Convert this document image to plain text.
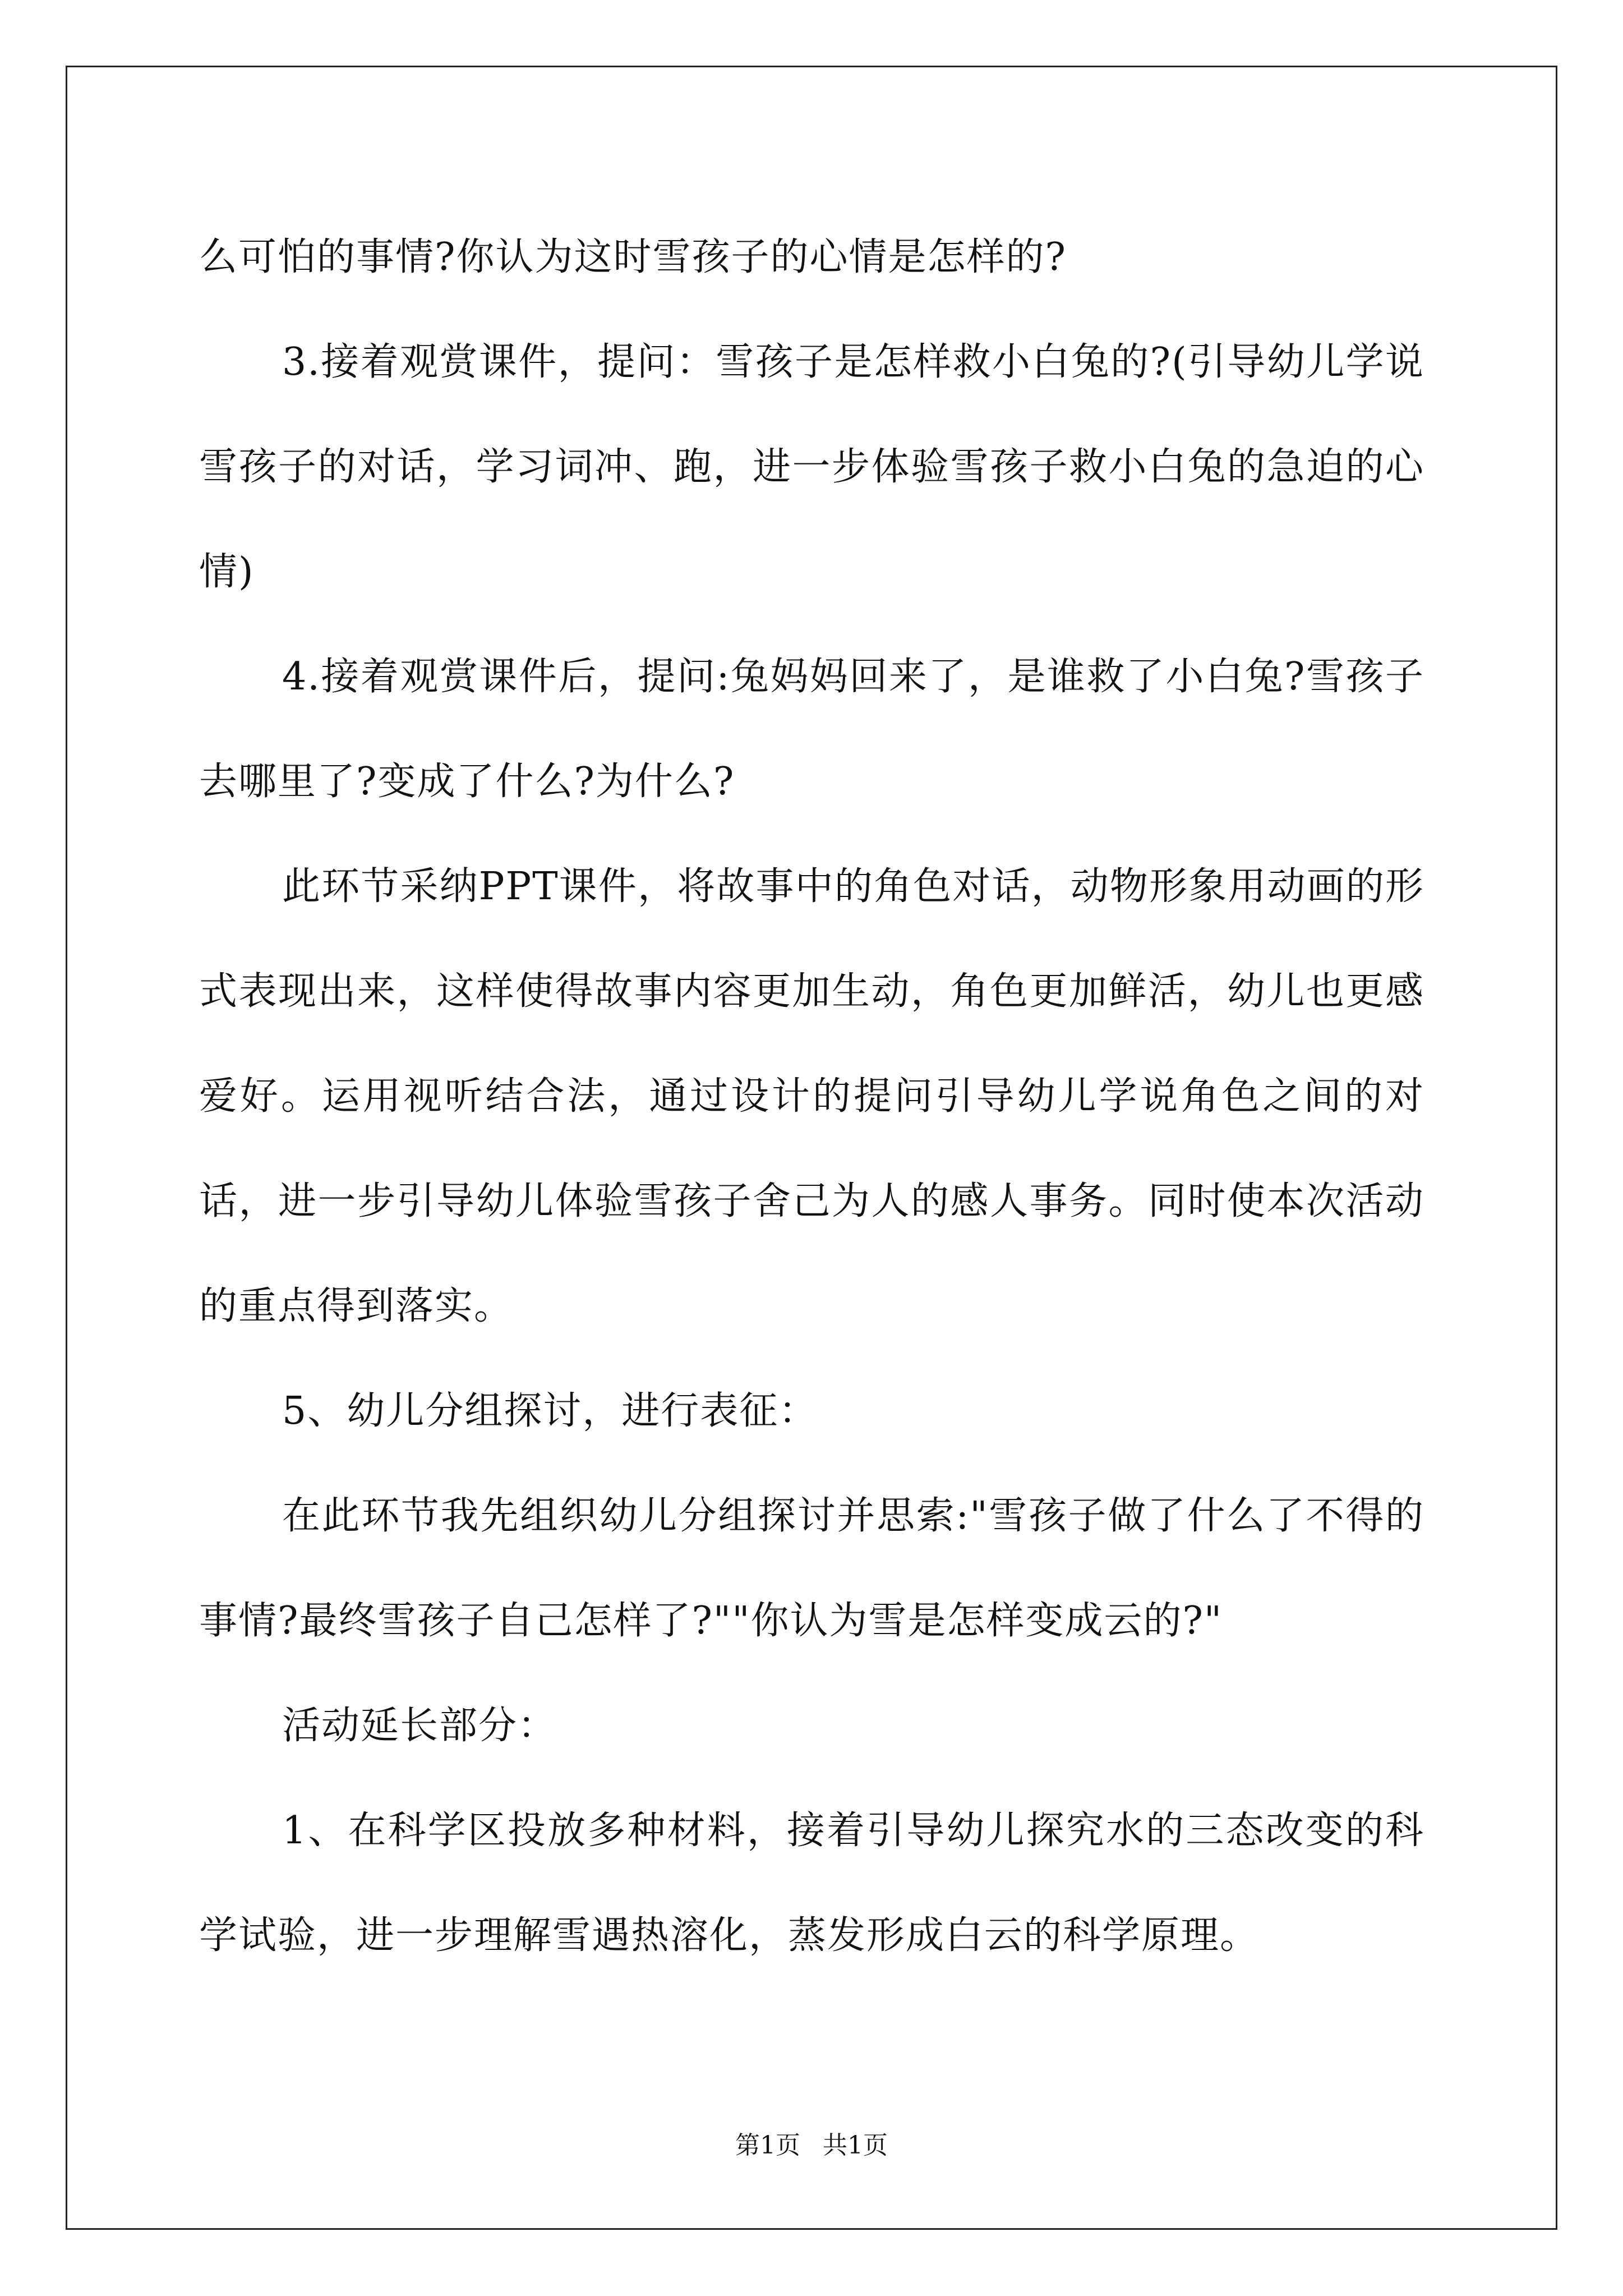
么可怕的事情?你认为这时雪孩子的心情是怎样的?

3.接着观赏课件，提问：雪孩子是怎样救小白兔的?(引导幼儿学说雪孩子的对话，学习词冲、跑，进一步体验雪孩子救小白兔的急迫的心情)

4.接着观赏课件后，提问:兔妈妈回来了，是谁救了小白兔?雪孩子去哪里了?变成了什么?为什么?

此环节采纳PPT课件，将故事中的角色对话，动物形象用动画的形式表现出来，这样使得故事内容更加生动，角色更加鲜活，幼儿也更感爱好。运用视听结合法，通过设计的提问引导幼儿学说角色之间的对话，进一步引导幼儿体验雪孩子舍己为人的感人事务。同时使本次活动的重点得到落实。

5、幼儿分组探讨，进行表征：

在此环节我先组织幼儿分组探讨并思索:"雪孩子做了什么了不得的事情?最终雪孩子自己怎样了?""你认为雪是怎样变成云的?"

活动延长部分：

1、在科学区投放多种材料，接着引导幼儿探究水的三态改变的科学试验，进一步理解雪遇热溶化，蒸发形成白云的科学原理。

第1页 共1页
